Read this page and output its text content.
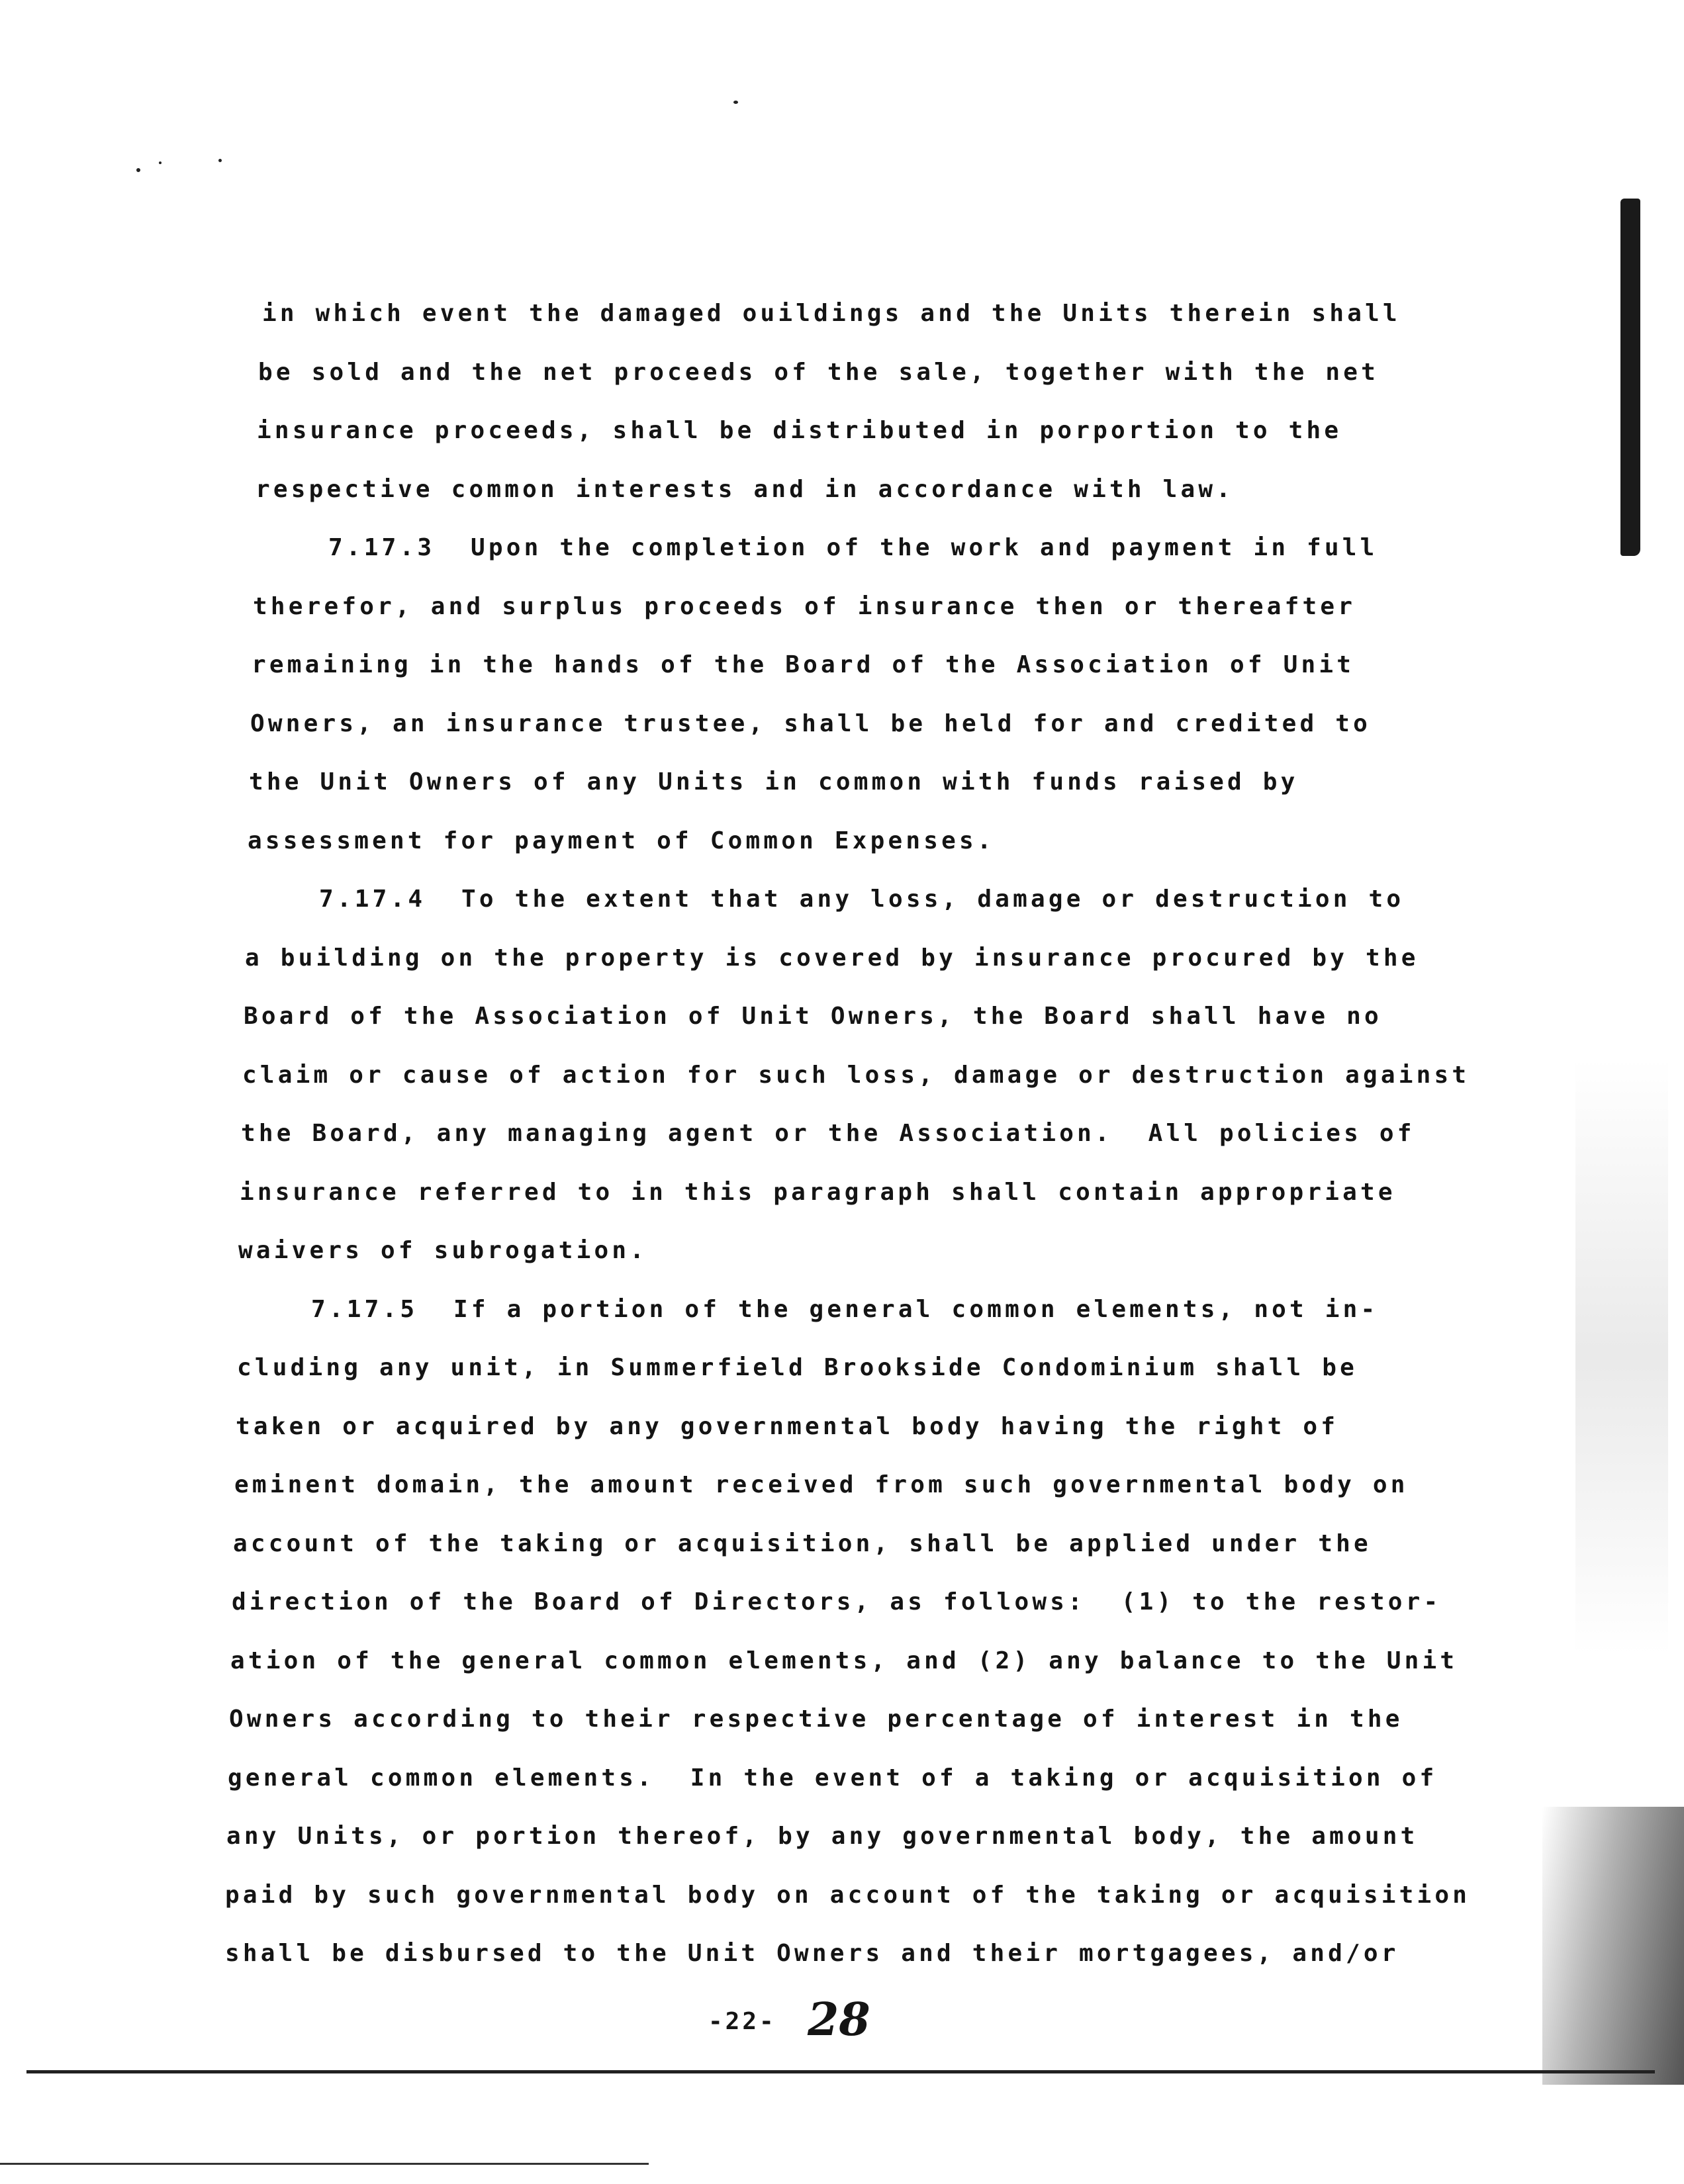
in which event the damaged ouildings and the Units therein shall
be sold and the net proceeds of the sale, together with the net
insurance proceeds, shall be distributed in porportion to the
respective common interests and in accordance with law.
7.17.3  Upon the completion of the work and payment in full
therefor, and surplus proceeds of insurance then or thereafter
remaining in the hands of the Board of the Association of Unit
Owners, an insurance trustee, shall be held for and credited to
the Unit Owners of any Units in common with funds raised by
assessment for payment of Common Expenses.
7.17.4  To the extent that any loss, damage or destruction to
a building on the property is covered by insurance procured by the
Board of the Association of Unit Owners, the Board shall have no
claim or cause of action for such loss, damage or destruction against
the Board, any managing agent or the Association.  All policies of
insurance referred to in this paragraph shall contain appropriate
waivers of subrogation.
7.17.5  If a portion of the general common elements, not in-
cluding any unit, in Summerfield Brookside Condominium shall be
taken or acquired by any governmental body having the right of
eminent domain, the amount received from such governmental body on
account of the taking or acquisition, shall be applied under the
direction of the Board of Directors, as follows:  (1) to the restor-
ation of the general common elements, and (2) any balance to the Unit
Owners according to their respective percentage of interest in the
general common elements.  In the event of a taking or acquisition of
any Units, or portion thereof, by any governmental body, the amount
paid by such governmental body on account of the taking or acquisition
shall be disbursed to the Unit Owners and their mortgagees, and/or
-22- 28
